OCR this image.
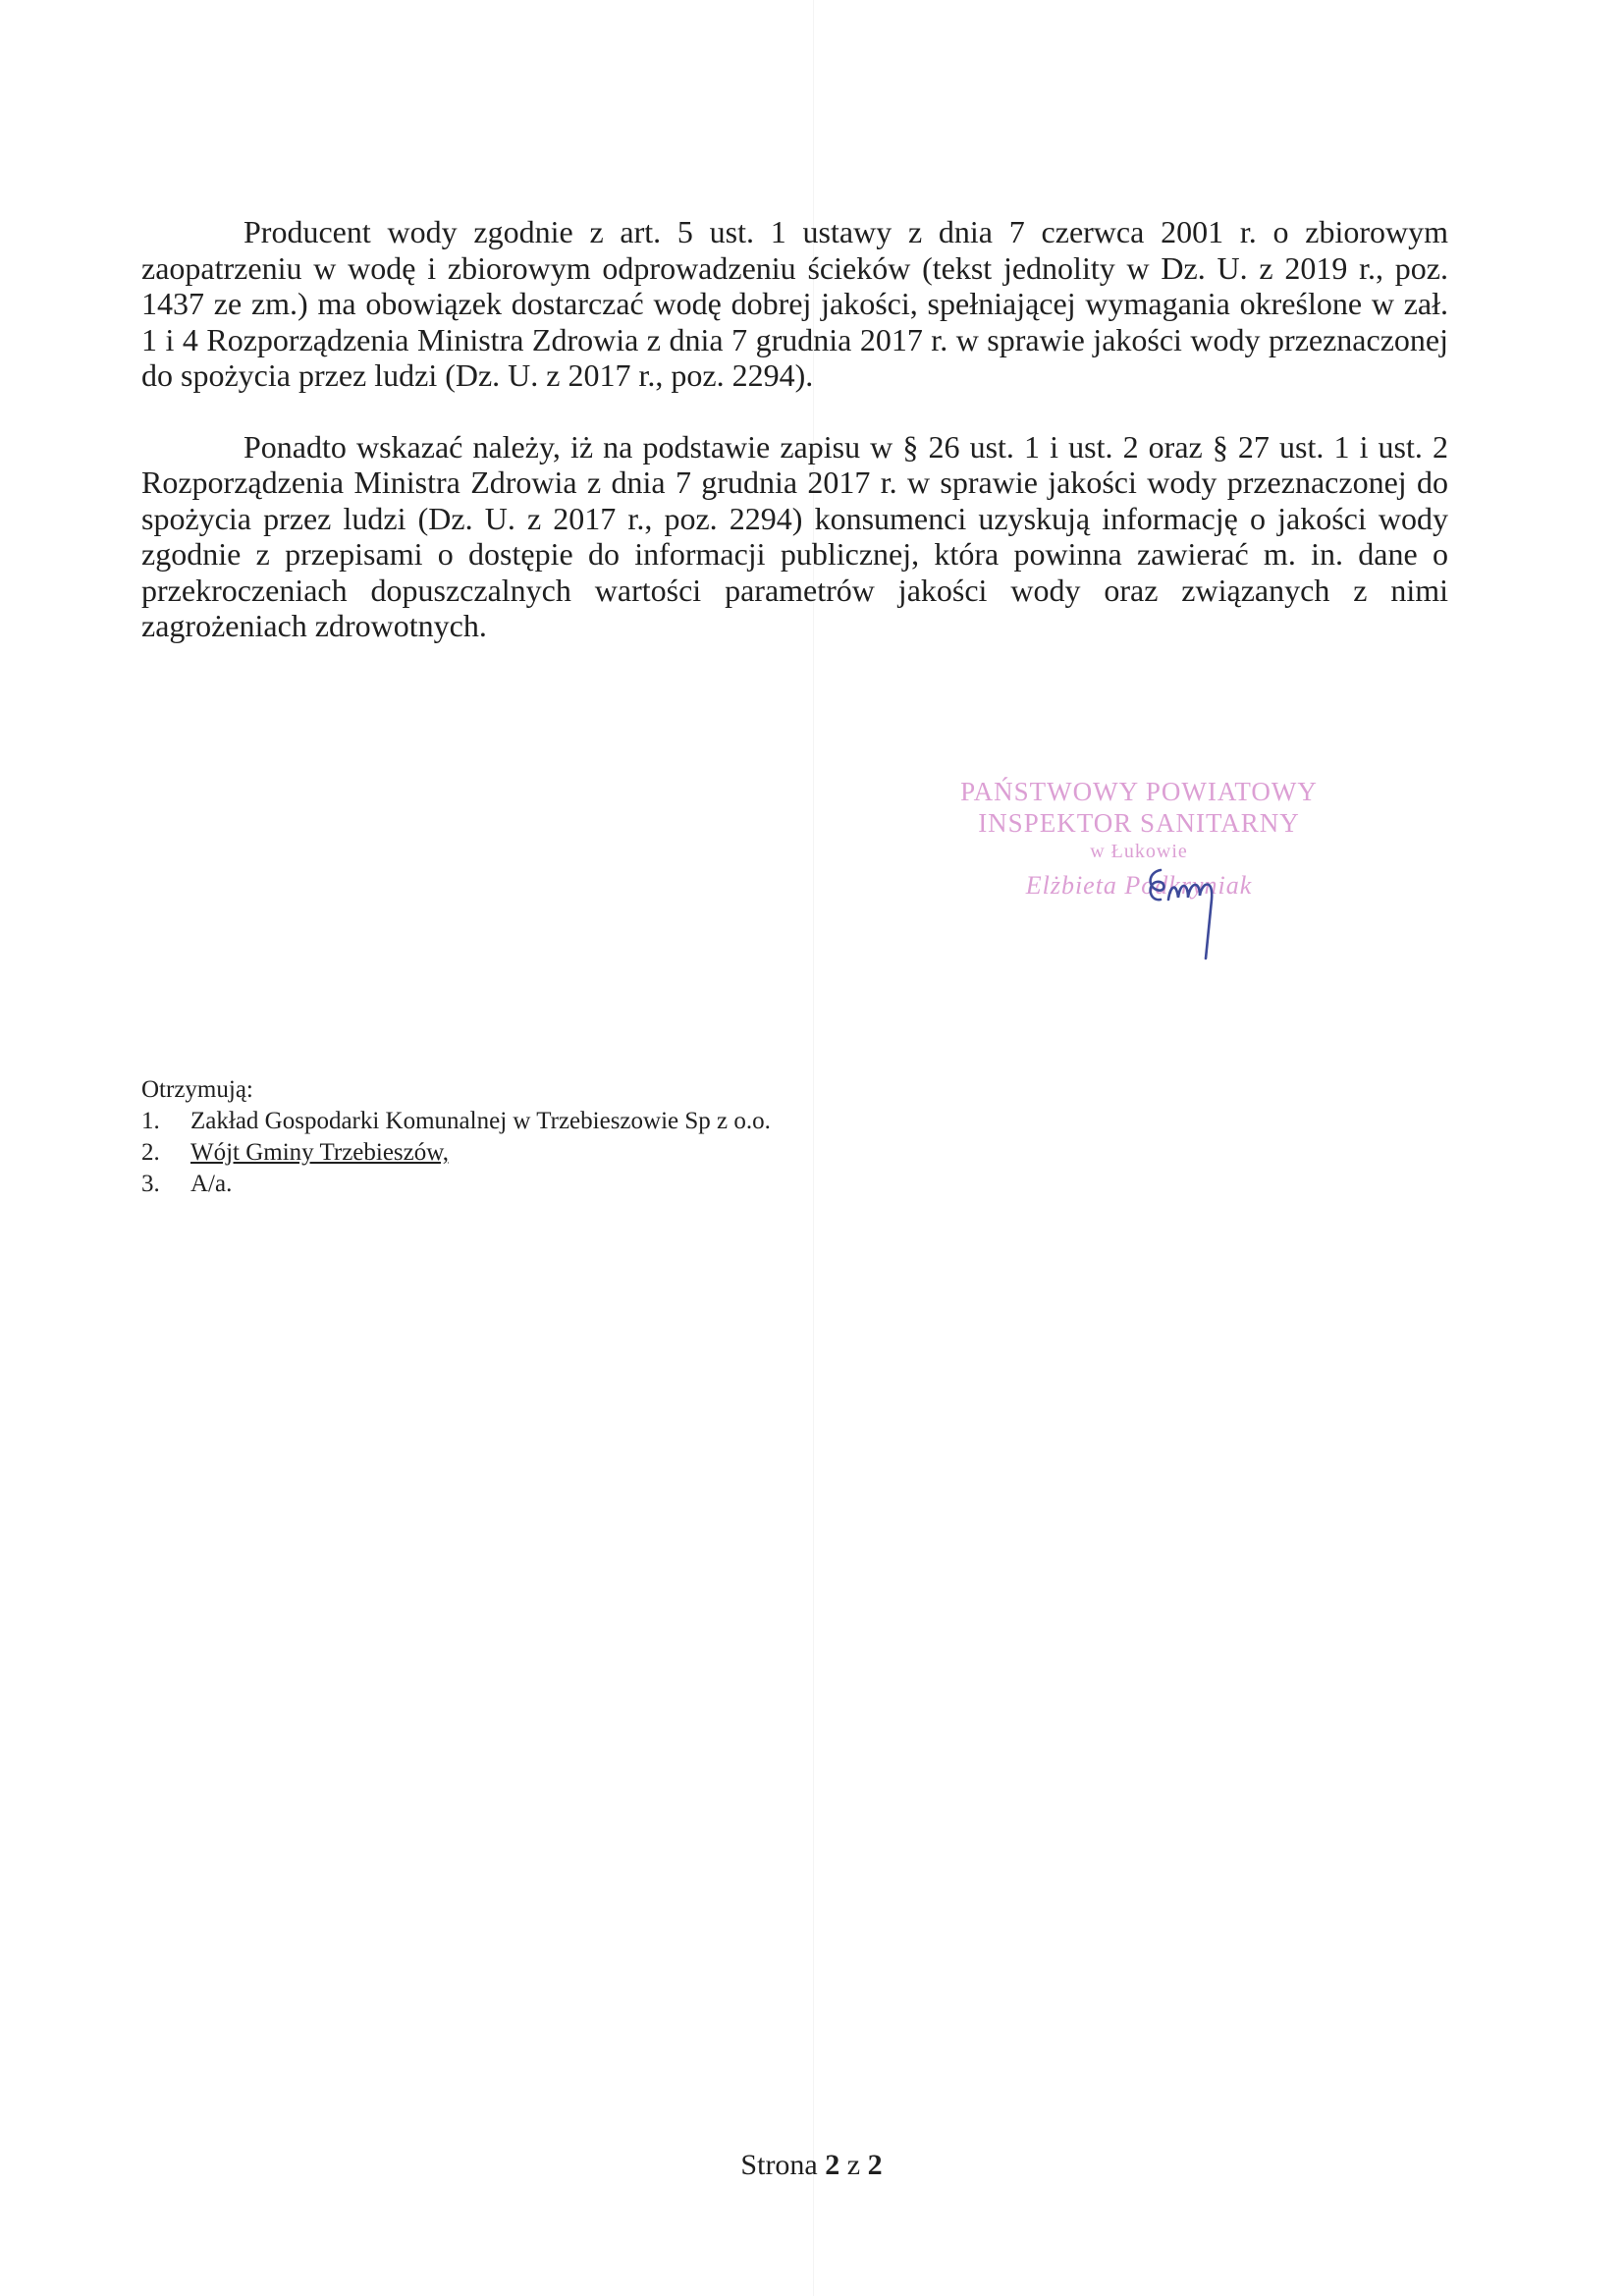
Producent wody zgodnie z art. 5 ust. 1 ustawy z dnia 7 czerwca 2001 r. o zbiorowym zaopatrzeniu w wodę i zbiorowym odprowadzeniu ścieków (tekst jednolity w Dz. U. z 2019 r., poz. 1437 ze zm.) ma obowiązek dostarczać wodę dobrej jakości, spełniającej wymagania określone w zał. 1 i 4 Rozporządzenia Ministra Zdrowia z dnia 7 grudnia 2017 r. w sprawie jakości wody przeznaczonej do spożycia przez ludzi (Dz. U. z 2017 r., poz. 2294).

Ponadto wskazać należy, iż na podstawie zapisu w § 26 ust. 1 i ust. 2 oraz § 27 ust. 1 i ust. 2 Rozporządzenia Ministra Zdrowia z dnia 7 grudnia 2017 r. w sprawie jakości wody przeznaczonej do spożycia przez ludzi (Dz. U. z 2017 r., poz. 2294) konsumenci uzyskują informację o jakości wody zgodnie z przepisami o dostępie do informacji publicznej, która powinna zawierać m. in. dane o przekroczeniach dopuszczalnych wartości parametrów jakości wody oraz związanych z nimi zagrożeniach zdrowotnych.

PAŃSTWOWY POWIATOWY
INSPEKTOR SANITARNY
w Łukowie
Elżbieta Podkryniak

Otrzymują:

1.	Zakład Gospodarki Komunalnej w Trzebieszowie Sp z o.o.
2.	Wójt Gminy Trzebieszów,
3.	A/a.
Strona 2 z 2
